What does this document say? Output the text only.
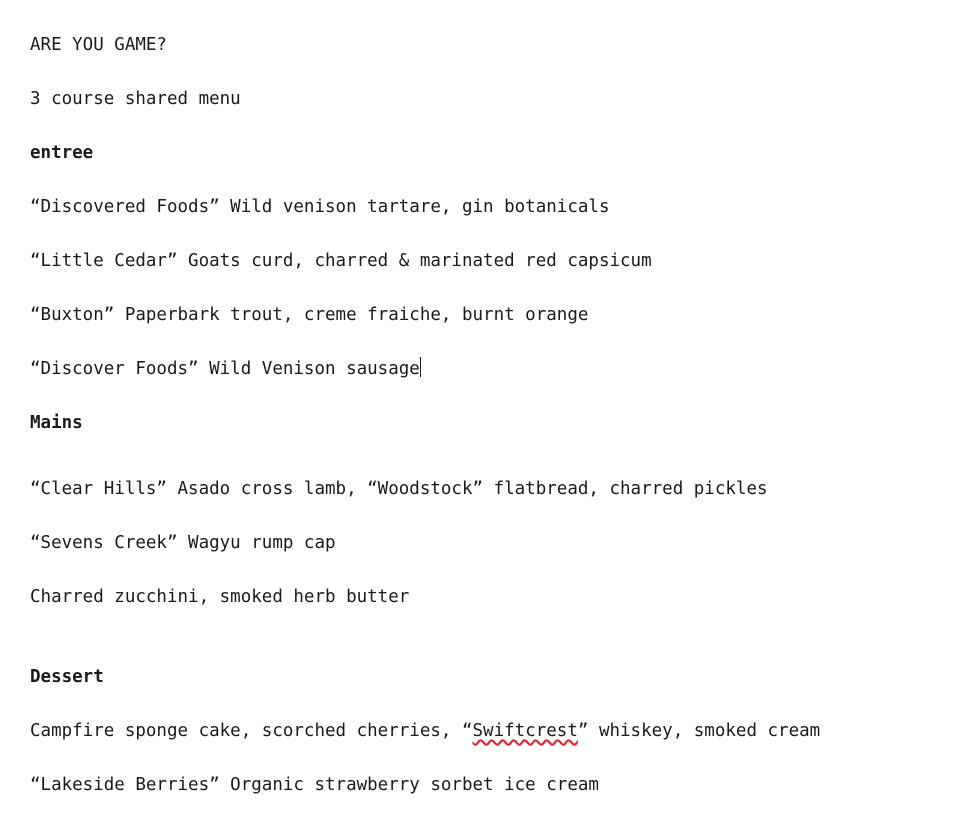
ARE YOU GAME?
3 course shared menu
entree
“Discovered Foods” Wild venison tartare, gin botanicals
“Little Cedar” Goats curd, charred & marinated red capsicum
“Buxton” Paperbark trout, creme fraiche, burnt orange
“Discover Foods” Wild Venison sausage
Mains
“Clear Hills” Asado cross lamb, “Woodstock” flatbread, charred pickles
“Sevens Creek” Wagyu rump cap
Charred zucchini, smoked herb butter
Dessert
Campfire sponge cake, scorched cherries, “Swiftcrest” whiskey, smoked cream
“Lakeside Berries” Organic strawberry sorbet ice cream
